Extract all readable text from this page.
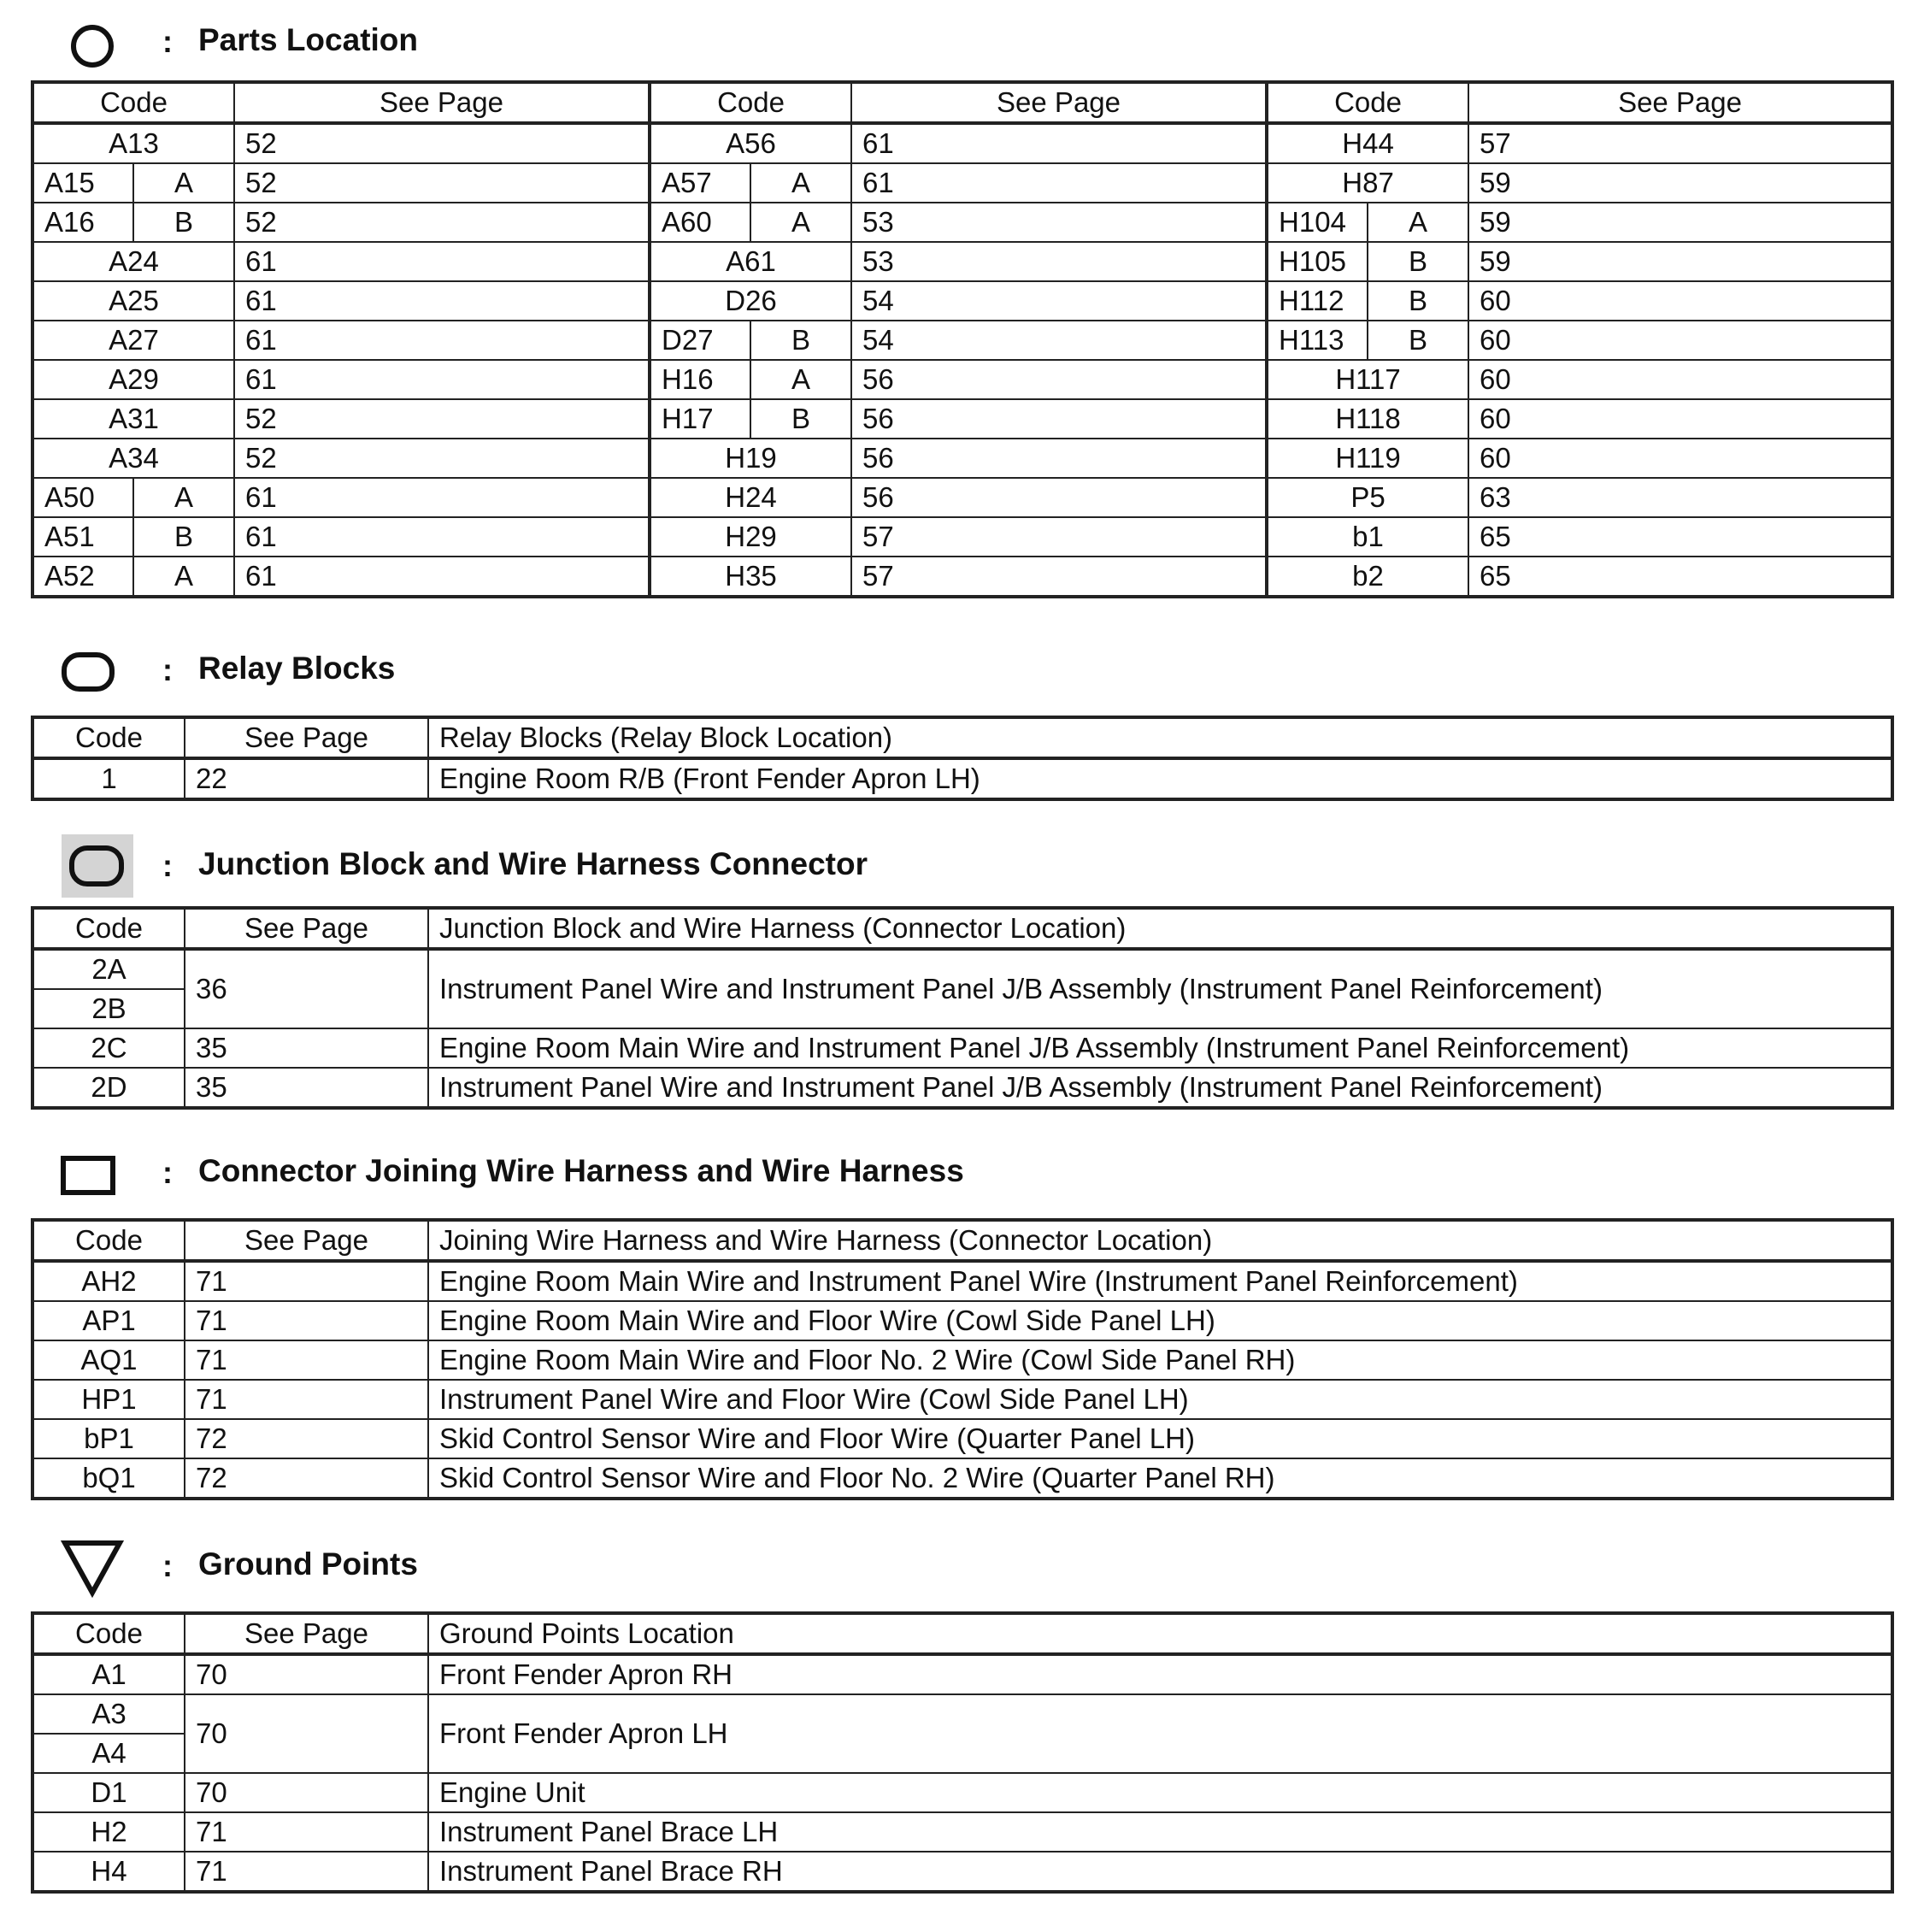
: Parts Location
Code		See Page	Code		See Page	Code		See Page
A13		52	A56		61	H44		57
A15	A	52	A57	A	61	H87		59
A16	B	52	A60	A	53	H104	A	59
A24		61	A61		53	H105	B	59
A25		61	D26		54	H112	B	60
A27		61	D27	B	54	H113	B	60
A29		61	H16	A	56	H117		60
A31		52	H17	B	56	H118		60
A34		52	H19		56	H119		60
A50	A	61	H24		56	P5		63
A51	B	61	H29		57	b1		65
A52	A	61	H35		57	b2		65
: Relay Blocks
Code	See Page	Relay Blocks (Relay Block Location)
1	22	Engine Room R/B (Front Fender Apron LH)
: Junction Block and Wire Harness Connector
Code	See Page	Junction Block and Wire Harness (Connector Location)
2A	36	Instrument Panel Wire and Instrument Panel J/B Assembly (Instrument Panel Reinforcement)
2B		
2C	35	Engine Room Main Wire and Instrument Panel J/B Assembly (Instrument Panel Reinforcement)
2D	35	Instrument Panel Wire and Instrument Panel J/B Assembly (Instrument Panel Reinforcement)
: Connector Joining Wire Harness and Wire Harness
Code	See Page	Joining Wire Harness and Wire Harness (Connector Location)
AH2	71	Engine Room Main Wire and Instrument Panel Wire (Instrument Panel Reinforcement)
AP1	71	Engine Room Main Wire and Floor Wire (Cowl Side Panel LH)
AQ1	71	Engine Room Main Wire and Floor No. 2 Wire (Cowl Side Panel RH)
HP1	71	Instrument Panel Wire and Floor Wire (Cowl Side Panel LH)
bP1	72	Skid Control Sensor Wire and Floor Wire (Quarter Panel LH)
bQ1	72	Skid Control Sensor Wire and Floor No. 2 Wire (Quarter Panel RH)
: Ground Points
Code	See Page	Ground Points Location
A1	70	Front Fender Apron RH
A3	70	Front Fender Apron LH
A4		
D1	70	Engine Unit
H2	71	Instrument Panel Brace LH
H4	71	Instrument Panel Brace RH
